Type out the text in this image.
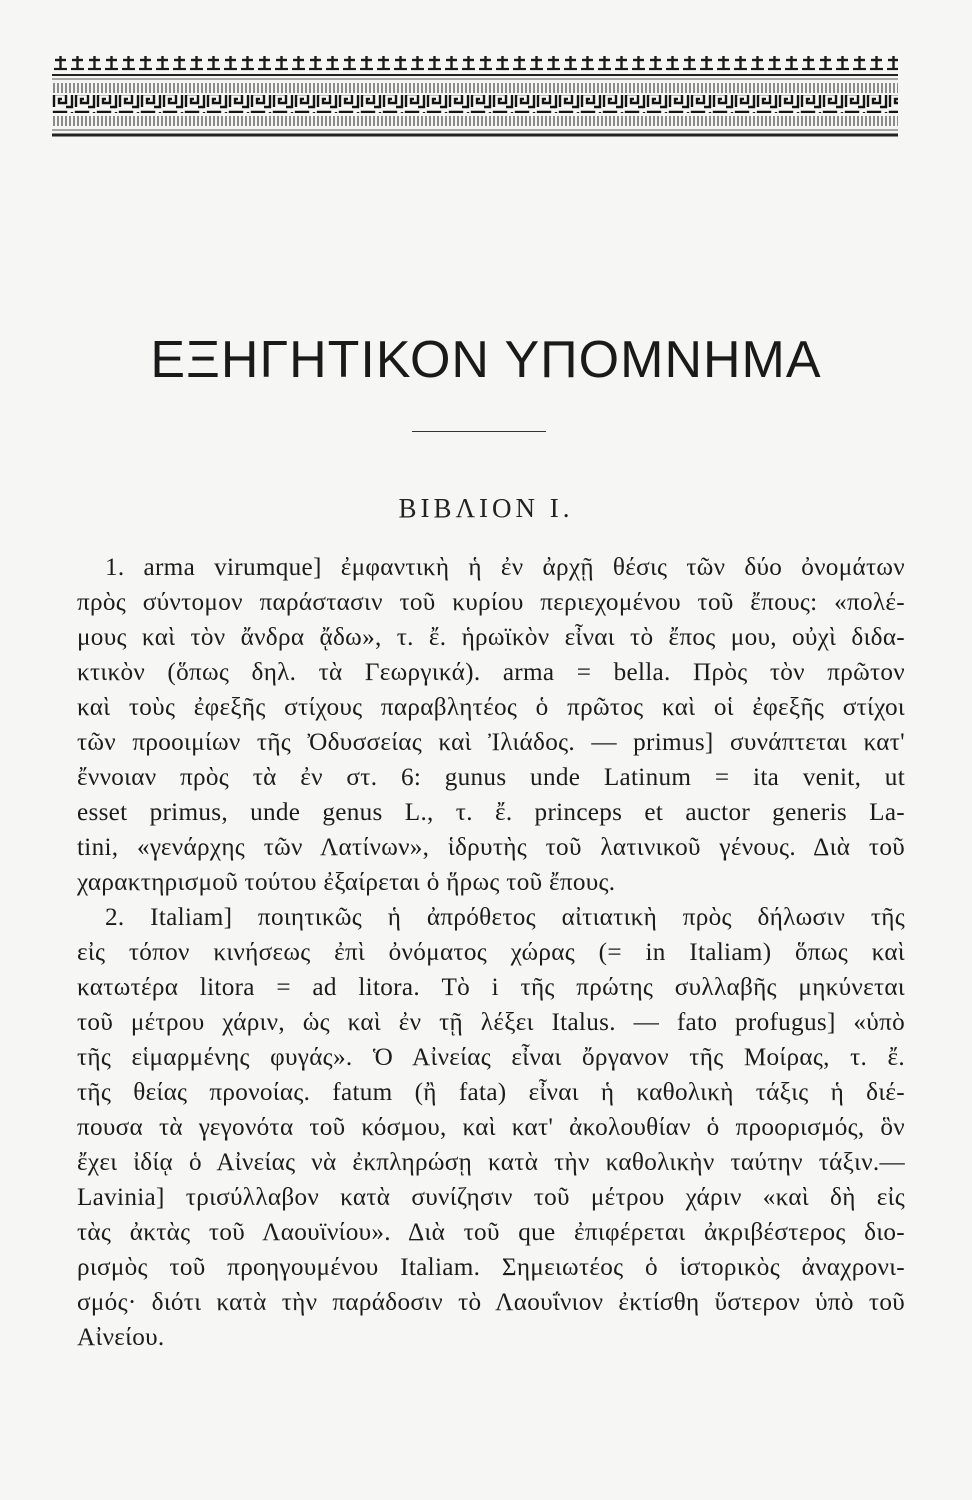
ΕΞΗΓΗΤΙΚΟΝ ΥΠΟΜΝΗΜΑ
ΒΙΒΛΙΟΝ Ι.
1. arma virumque] ἐμφαντικὴ ἡ ἐν ἀρχῇ θέσις τῶν δύο ὀνομάτων
πρὸς σύντομον παράστασιν τοῦ κυρίου περιεχομένου τοῦ ἔπους: «πολέ-
μους καὶ τὸν ἄνδρα ᾄδω», τ. ἔ. ἡρωϊκὸν εἶναι τὸ ἔπος μου, οὐχὶ διδα-
κτικὸν (ὅπως δηλ. τὰ Γεωργικά). arma = bella. Πρὸς τὸν πρῶτον
καὶ τοὺς ἐφεξῆς στίχους παραβλητέος ὁ πρῶτος καὶ οἱ ἐφεξῆς στίχοι
τῶν προοιμίων τῆς Ὀδυσσείας καὶ Ἰλιάδος. — primus] συνάπτεται κατ'
ἔννοιαν πρὸς τὰ ἐν στ. 6: gunus unde Latinum = ita venit, ut
esset primus, unde genus L., τ. ἔ. princeps et auctor generis La-
tini, «γενάρχης τῶν Λατίνων», ἱδρυτὴς τοῦ λατινικοῦ γένους. Διὰ τοῦ
χαρακτηρισμοῦ τούτου ἐξαίρεται ὁ ἥρως τοῦ ἔπους.
2. Italiam] ποιητικῶς ἡ ἀπρόθετος αἰτιατικὴ πρὸς δήλωσιν τῆς
εἰς τόπον κινήσεως ἐπὶ ὀνόματος χώρας (= in Italiam) ὅπως καὶ
κατωτέρα litora = ad litora. Τὸ i τῆς πρώτης συλλαβῆς μηκύνεται
τοῦ μέτρου χάριν, ὡς καὶ ἐν τῇ λέξει Italus. — fato profugus] «ὑπὸ
τῆς εἱμαρμένης φυγάς». Ὁ Αἰνείας εἶναι ὄργανον τῆς Μοίρας, τ. ἔ.
τῆς θείας προνοίας. fatum (ἢ fata) εἶναι ἡ καθολικὴ τάξις ἡ διέ-
πουσα τὰ γεγονότα τοῦ κόσμου, καὶ κατ' ἀκολουθίαν ὁ προορισμός, ὃν
ἔχει ἰδίᾳ ὁ Αἰνείας νὰ ἐκπληρώσῃ κατὰ τὴν καθολικὴν ταύτην τάξιν.—
Lavinia] τρισύλλαβον κατὰ συνίζησιν τοῦ μέτρου χάριν «καὶ δὴ εἰς
τὰς ἀκτὰς τοῦ Λαουϊνίου». Διὰ τοῦ que ἐπιφέρεται ἀκριβέστερος διο-
ρισμὸς τοῦ προηγουμένου Italiam. Σημειωτέος ὁ ἱστορικὸς ἀναχρονι-
σμός· διότι κατὰ τὴν παράδοσιν τὸ Λαουΐνιον ἐκτίσθη ὕστερον ὑπὸ τοῦ
Αἰνείου.
